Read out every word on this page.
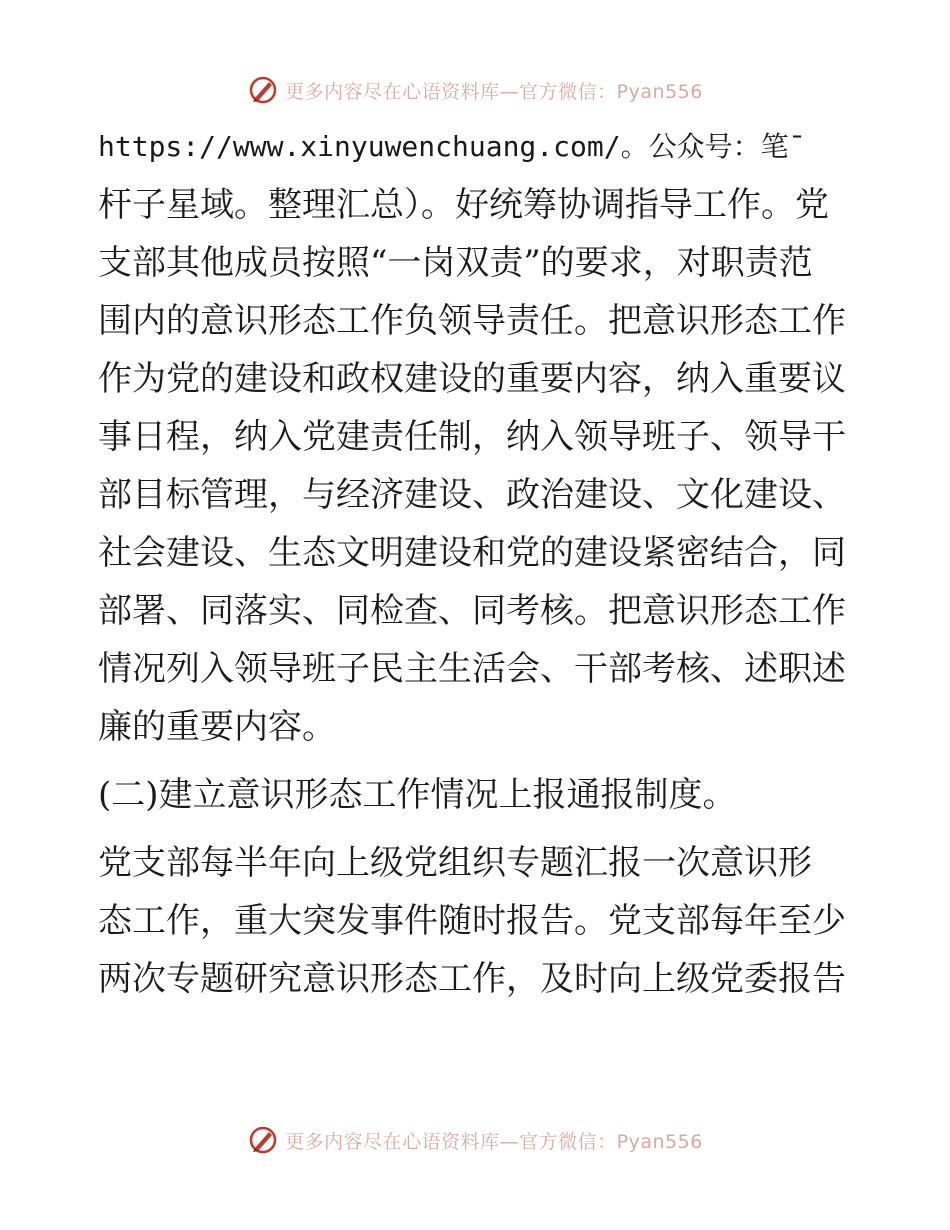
更多内容尽在心语资料库—官方微信：Pyan556
https://www.xinyuwenchuang.com/。公众号：笔¯
杆子星域。整理汇总）。好统筹协调指导工作。党
支部其他成员按照“一岗双责”的要求，对职责范
围内的意识形态工作负领导责任。把意识形态工作
作为党的建设和政权建设的重要内容，纳入重要议
事日程，纳入党建责任制，纳入领导班子、领导干
部目标管理，与经济建设、政治建设、文化建设、
社会建设、生态文明建设和党的建设紧密结合，同
部署、同落实、同检查、同考核。把意识形态工作
情况列入领导班子民主生活会、干部考核、述职述
廉的重要内容。
(二)建立意识形态工作情况上报通报制度。
党支部每半年向上级党组织专题汇报一次意识形
态工作，重大突发事件随时报告。党支部每年至少
两次专题研究意识形态工作，及时向上级党委报告
更多内容尽在心语资料库—官方微信：Pyan556
